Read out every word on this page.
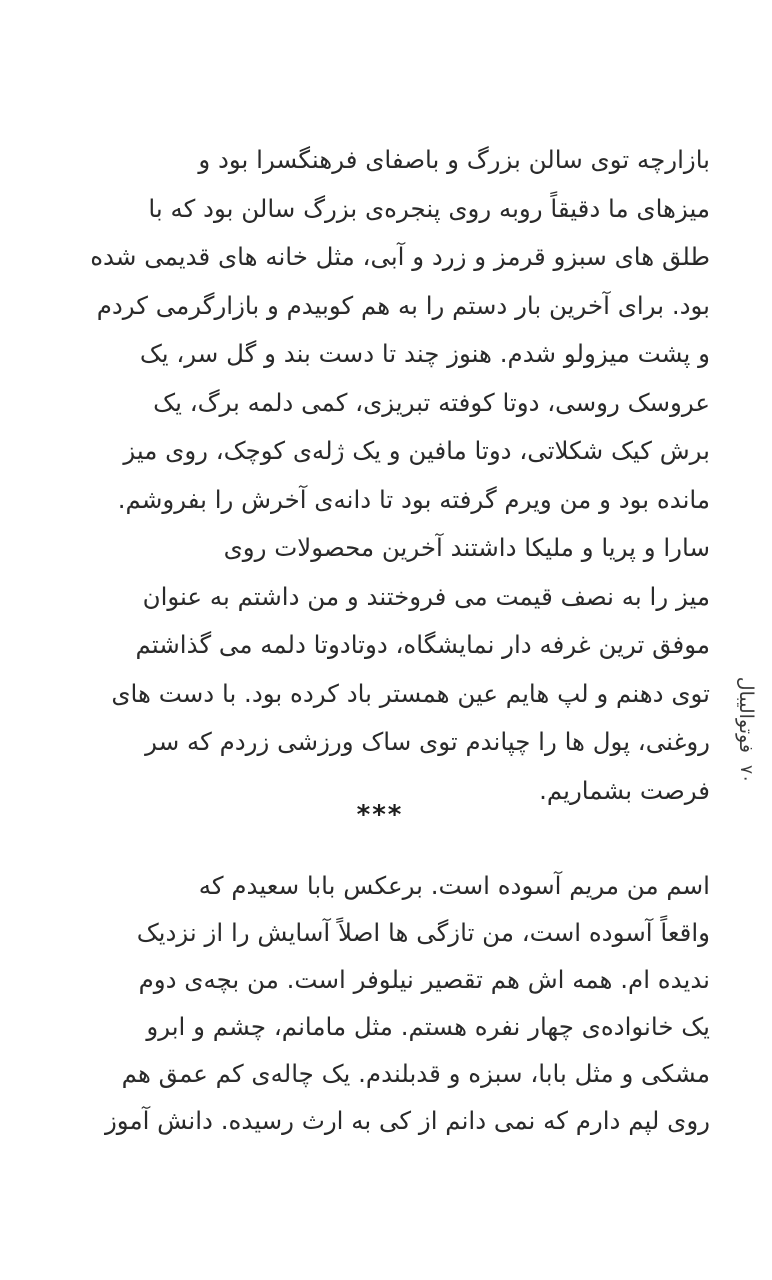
بازارچه توی سالن بزرگ و باصفای فرهنگسرا بود و
میزهای ما دقیقاً روبه روی پنجره‌ی بزرگ سالن بود که با
طلق های سبزو قرمز و زرد و آبی، مثل خانه های قدیمی شده
بود. برای آخرین بار دستم را به هم کوبیدم و بازارگرمی کردم
و پشت میزولو شدم. هنوز چند تا دست بند و گل سر، یک
عروسک روسی، دوتا کوفته تبریزی، کمی دلمه برگ، یک
برش کیک شکلاتی، دوتا مافین و یک ژله‌ی کوچک، روی میز
مانده بود و من ویرم گرفته بود تا دانه‌ی آخرش را بفروشم.
سارا و پریا و ملیکا داشتند آخرین محصولات روی
میز را به نصف قیمت می فروختند و من داشتم به عنوان
موفق ترین غرفه دار نمایشگاه، دوتادوتا دلمه می گذاشتم
توی دهنم و لپ هایم عین همستر باد کرده بود. با دست های
روغنی، پول ها را چپاندم توی ساک ورزشی زردم که سر
فرصت بشماریم.
***
اسم من مریم آسوده است. برعکس بابا سعیدم که
واقعاً آسوده است، من تازگی ها اصلاً آسایش را از نزدیک
ندیده ام. همه اش هم تقصیر نیلوفر است. من بچه‌ی دوم
یک خانواده‌ی چهار نفره هستم. مثل مامانم، چشم و ابرو
مشکی و مثل بابا، سبزه و قدبلندم. یک چاله‌ی کم عمق هم
روی لپم دارم که نمی دانم از کی به ارث رسیده. دانش آموز
۷۰
فوتوالیبال
